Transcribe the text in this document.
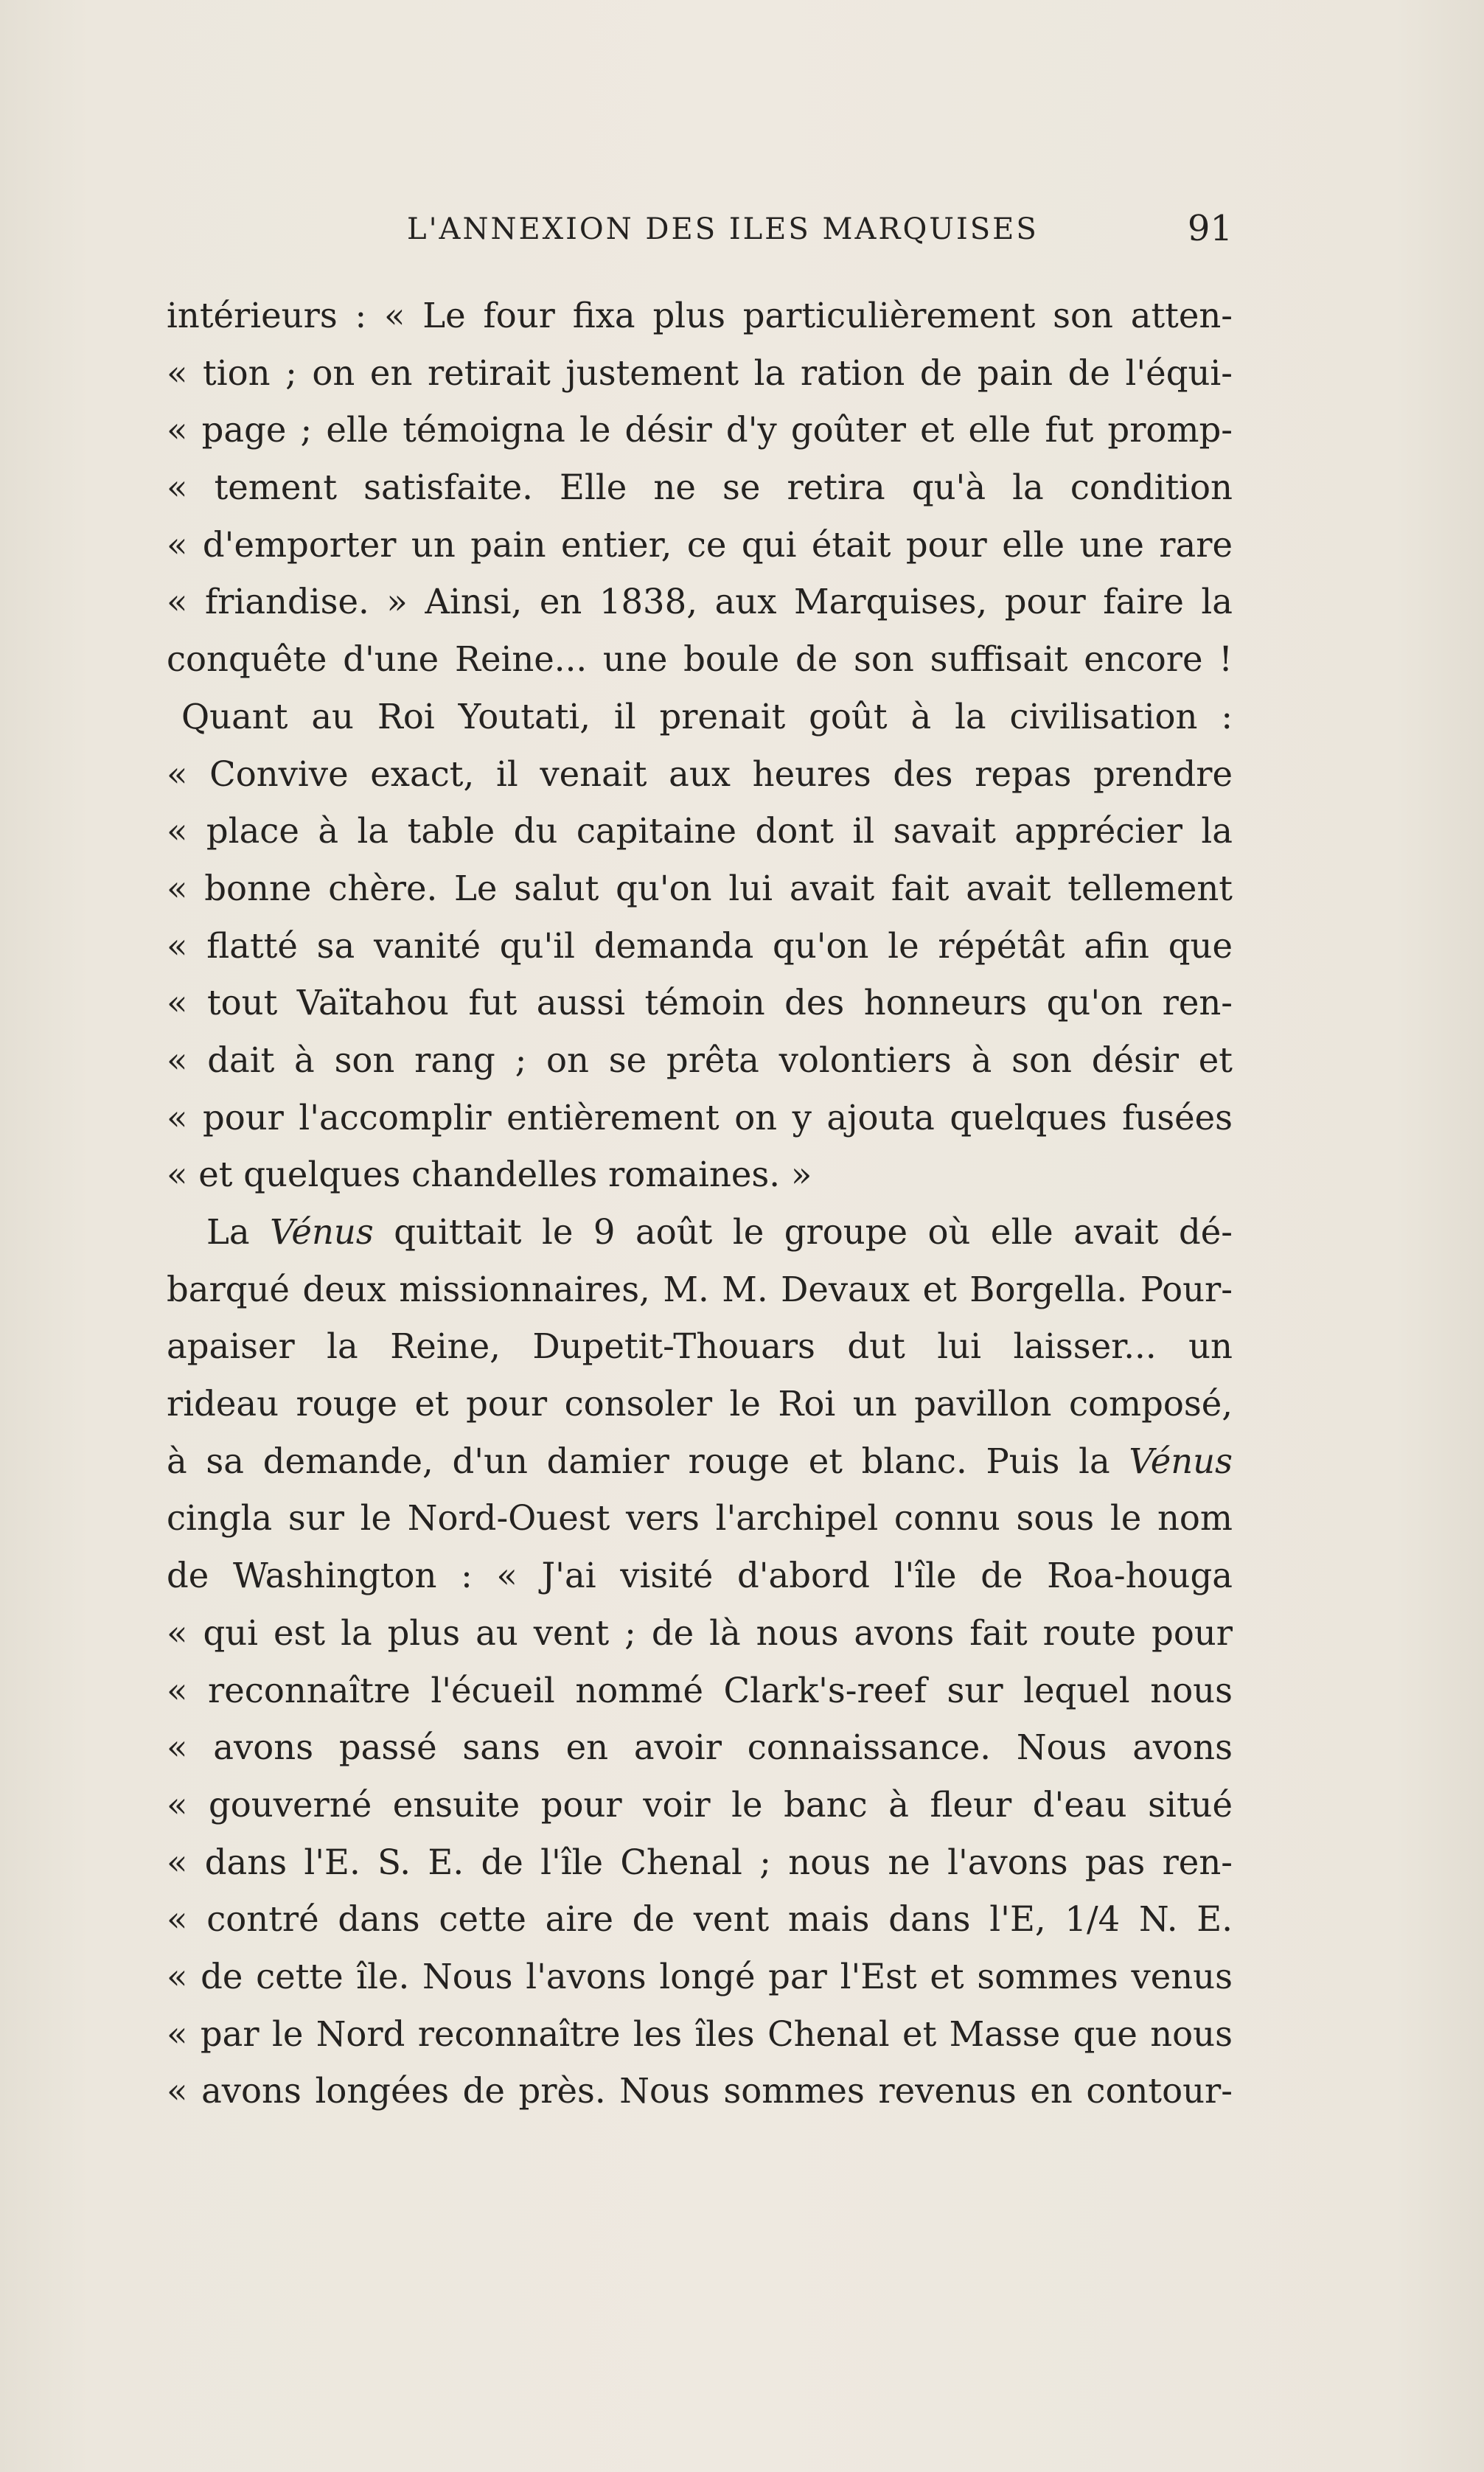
L'ANNEXION DES ILES MARQUISES	91
intérieurs : « Le four fixa plus particulièrement son atten-
« tion ; on en retirait justement la ration de pain de l'équi-
« page ; elle témoigna le désir d'y goûter et elle fut promp-
« tement satisfaite. Elle ne se retira qu'à la condition
« d'emporter un pain entier, ce qui était pour elle une rare
« friandise. » Ainsi, en 1838, aux Marquises, pour faire la
conquête d'une Reine... une boule de son suffisait encore !
Quant au Roi Youtati, il prenait goût à la civilisation :
« Convive exact, il venait aux heures des repas prendre
« place à la table du capitaine dont il savait apprécier la
« bonne chère. Le salut qu'on lui avait fait avait tellement
« flatté sa vanité qu'il demanda qu'on le répétât afin que
« tout Vaïtahou fut aussi témoin des honneurs qu'on ren-
« dait à son rang ; on se prêta volontiers à son désir et
« pour l'accomplir entièrement on y ajouta quelques fusées
« et quelques chandelles romaines. »
La Vénus quittait le 9 août le groupe où elle avait dé-
barqué deux missionnaires, M. M. Devaux et Borgella. Pour-
apaiser la Reine, Dupetit-Thouars dut lui laisser... un
rideau rouge et pour consoler le Roi un pavillon composé,
à sa demande, d'un damier rouge et blanc. Puis la Vénus
cingla sur le Nord-Ouest vers l'archipel connu sous le nom
de Washington : « J'ai visité d'abord l'île de Roa-houga
« qui est la plus au vent ; de là nous avons fait route pour
« reconnaître l'écueil nommé Clark's-reef sur lequel nous
« avons passé sans en avoir connaissance. Nous avons
« gouverné ensuite pour voir le banc à fleur d'eau situé
« dans l'E. S. E. de l'île Chenal ; nous ne l'avons pas ren-
« contré dans cette aire de vent mais dans l'E, 1/4 N. E.
« de cette île. Nous l'avons longé par l'Est et sommes venus
« par le Nord reconnaître les îles Chenal et Masse que nous
« avons longées de près. Nous sommes revenus en contour-
